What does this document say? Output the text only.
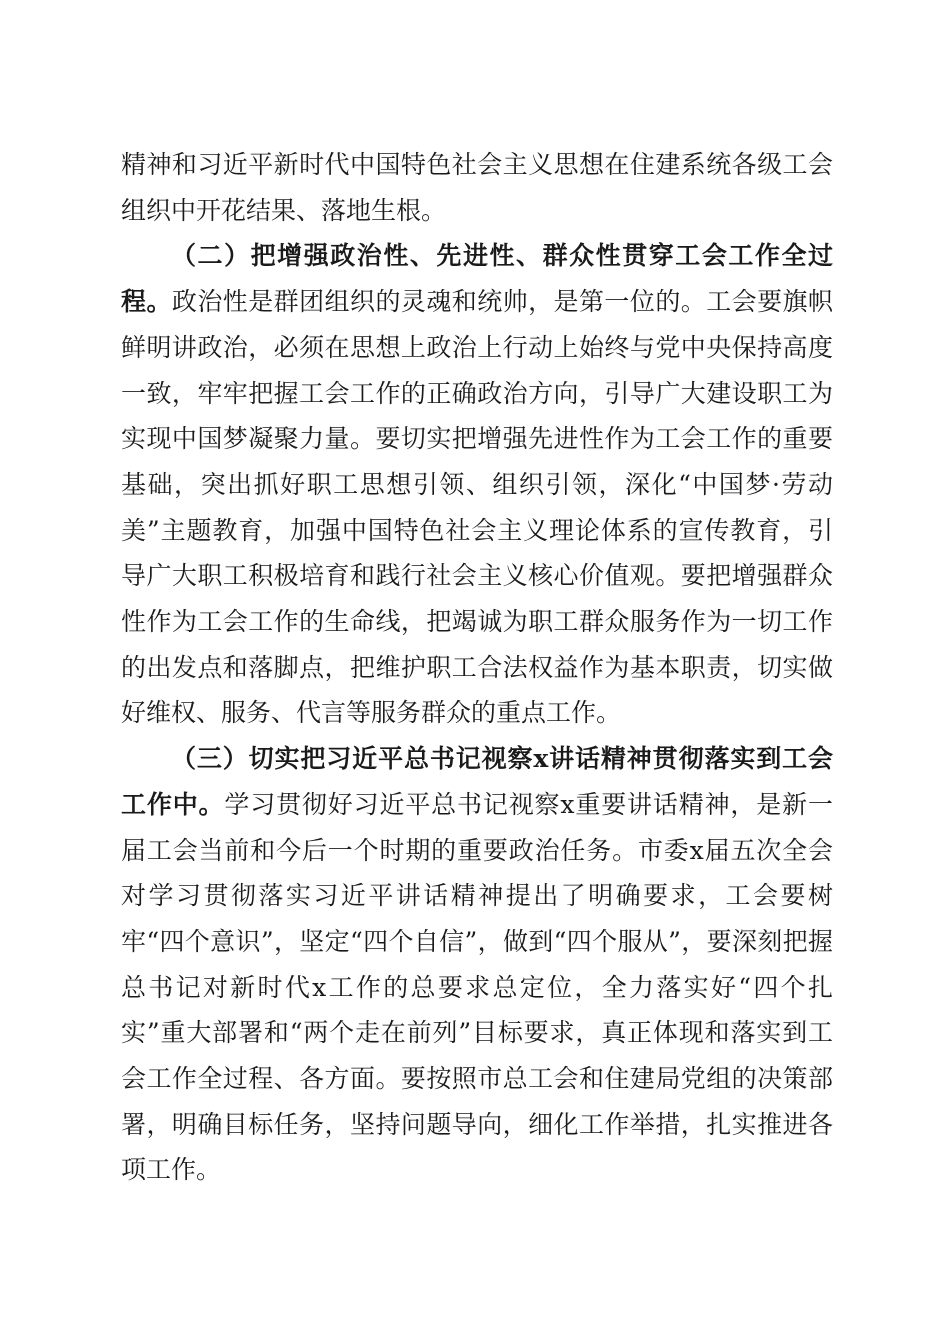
精神和习近平新时代中国特色社会主义思想在住建系统各级工会组织中开花结果、落地生根。

（二）把增强政治性、先进性、群众性贯穿工会工作全过程。政治性是群团组织的灵魂和统帅，是第一位的。工会要旗帜鲜明讲政治，必须在思想上政治上行动上始终与党中央保持高度一致，牢牢把握工会工作的正确政治方向，引导广大建设职工为实现中国梦凝聚力量。要切实把增强先进性作为工会工作的重要基础，突出抓好职工思想引领、组织引领，深化“中国梦·劳动美”主题教育，加强中国特色社会主义理论体系的宣传教育，引导广大职工积极培育和践行社会主义核心价值观。要把增强群众性作为工会工作的生命线，把竭诚为职工群众服务作为一切工作的出发点和落脚点，把维护职工合法权益作为基本职责，切实做好维权、服务、代言等服务群众的重点工作。

（三）切实把习近平总书记视察x讲话精神贯彻落实到工会工作中。学习贯彻好习近平总书记视察x重要讲话精神，是新一届工会当前和今后一个时期的重要政治任务。市委x届五次全会对学习贯彻落实习近平讲话精神提出了明确要求，工会要树牢“四个意识”，坚定“四个自信”，做到“四个服从”，要深刻把握总书记对新时代x工作的总要求总定位，全力落实好“四个扎实”重大部署和“两个走在前列”目标要求，真正体现和落实到工会工作全过程、各方面。要按照市总工会和住建局党组的决策部署，明确目标任务，坚持问题导向，细化工作举措，扎实推进各项工作。
